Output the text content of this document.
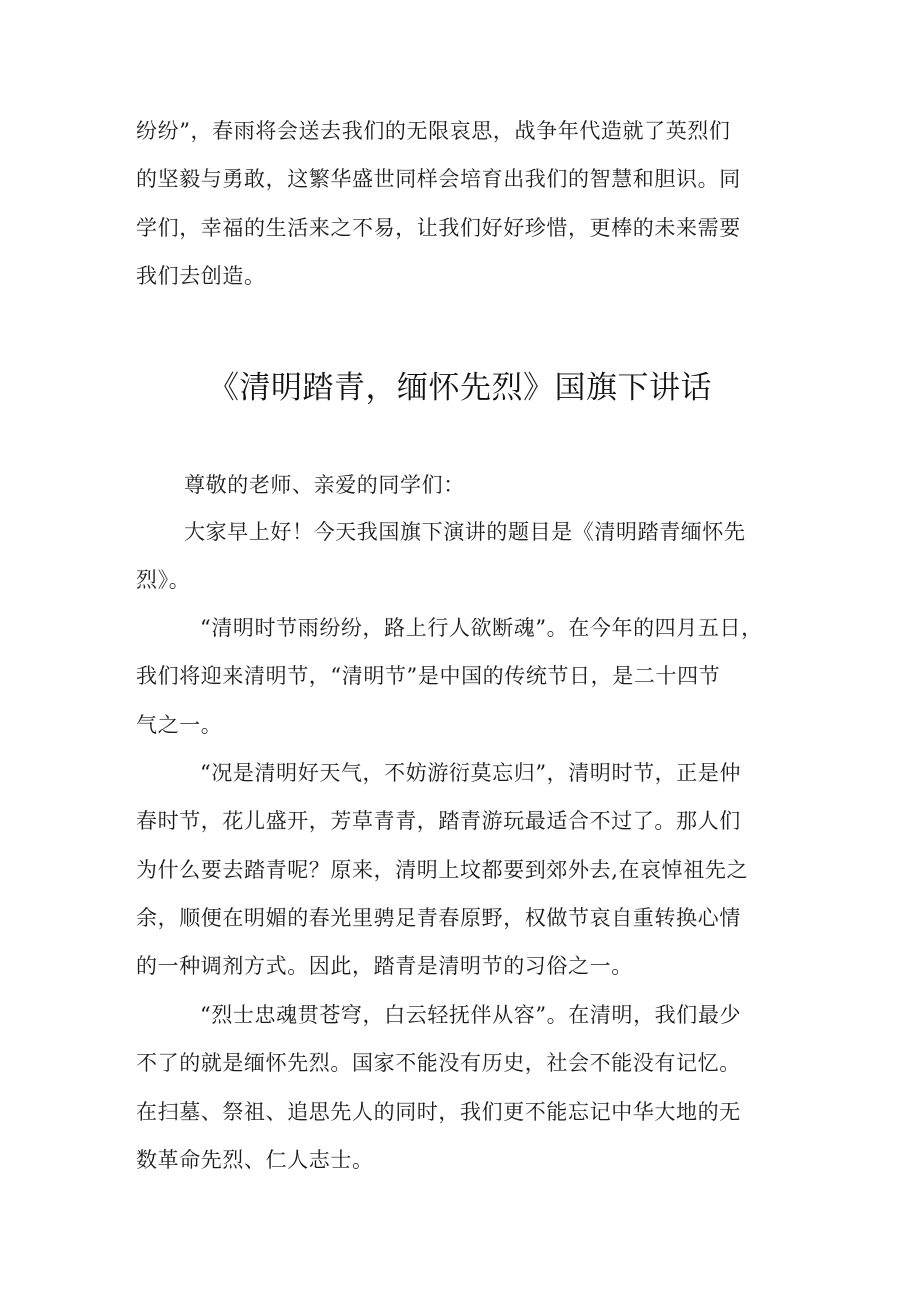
纷纷”，春雨将会送去我们的无限哀思，战争年代造就了英烈们
的坚毅与勇敢，这繁华盛世同样会培育出我们的智慧和胆识。同
学们，幸福的生活来之不易，让我们好好珍惜，更棒的未来需要
我们去创造。
《清明踏青，缅怀先烈》国旗下讲话
尊敬的老师、亲爱的同学们：
大家早上好！今天我国旗下演讲的题目是《清明踏青缅怀先
烈》。
“清明时节雨纷纷，路上行人欲断魂”。在今年的四月五日，
我们将迎来清明节，“清明节”是中国的传统节日，是二十四节
气之一。
“况是清明好天气，不妨游衍莫忘归”，清明时节，正是仲
春时节，花儿盛开，芳草青青，踏青游玩最适合不过了。那人们
为什么要去踏青呢？原来，清明上坟都要到郊外去,在哀悼祖先之
余，顺便在明媚的春光里骋足青春原野，权做节哀自重转换心情
的一种调剂方式。因此，踏青是清明节的习俗之一。
“烈士忠魂贯苍穹，白云轻抚伴从容”。在清明，我们最少
不了的就是缅怀先烈。国家不能没有历史，社会不能没有记忆。
在扫墓、祭祖、追思先人的同时，我们更不能忘记中华大地的无
数革命先烈、仁人志士。
